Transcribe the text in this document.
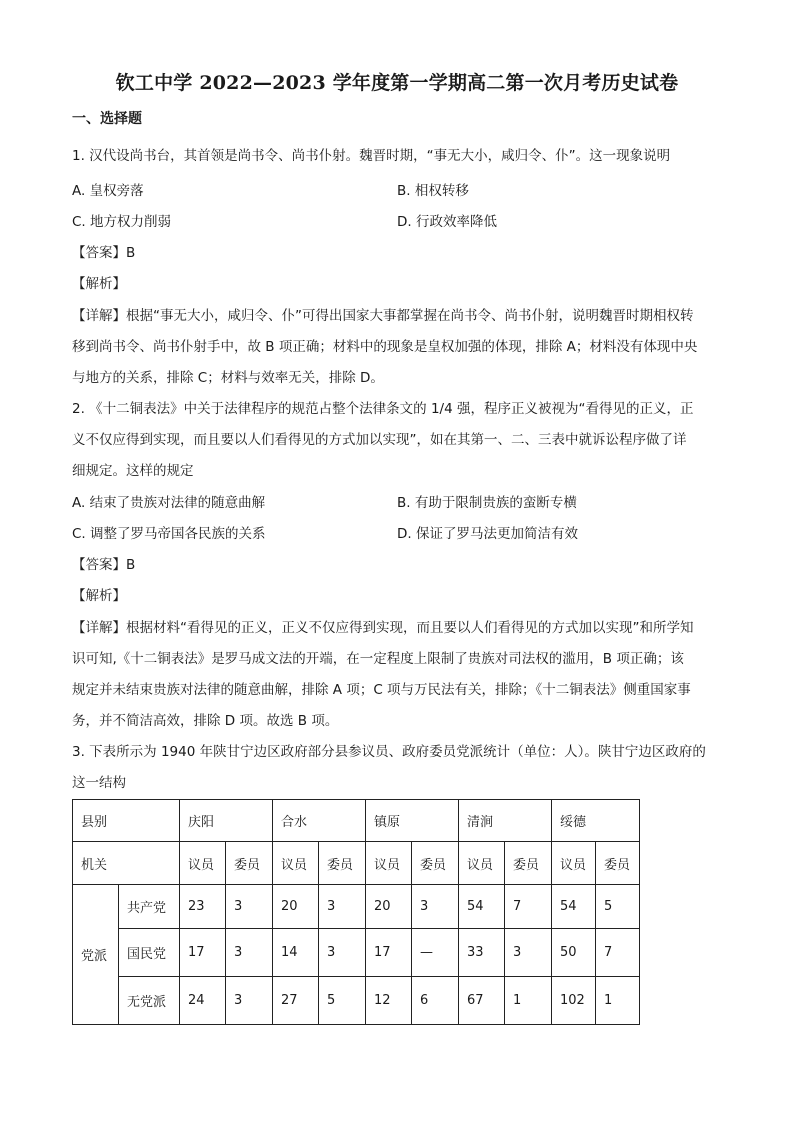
钦工中学 2022—2023 学年度第一学期高二第一次月考历史试卷
一、选择题
1. 汉代设尚书台，其首领是尚书令、尚书仆射。魏晋时期，“事无大小，咸归令、仆”。这一现象说明
A. 皇权旁落	B. 相权转移
C. 地方权力削弱	D. 行政效率降低
【答案】B
【解析】
【详解】根据“事无大小，咸归令、仆”可得出国家大事都掌握在尚书令、尚书仆射，说明魏晋时期相权转
移到尚书令、尚书仆射手中，故 B 项正确；材料中的现象是皇权加强的体现，排除 A；材料没有体现中央
与地方的关系，排除 C；材料与效率无关，排除 D。
2. 《十二铜表法》中关于法律程序的规范占整个法律条文的 1/4 强，程序正义被视为“看得见的正义，正
义不仅应得到实现，而且要以人们看得见的方式加以实现”，如在其第一、二、三表中就诉讼程序做了详
细规定。这样的规定
A. 结束了贵族对法律的随意曲解	B. 有助于限制贵族的蛮断专横
C. 调整了罗马帝国各民族的关系	D. 保证了罗马法更加简洁有效
【答案】B
【解析】
【详解】根据材料“看得见的正义，正义不仅应得到实现，而且要以人们看得见的方式加以实现”和所学知
识可知,《十二铜表法》是罗马成文法的开端，在一定程度上限制了贵族对司法权的滥用，B 项正确；该
规定并未结束贵族对法律的随意曲解，排除 A 项；C 项与万民法有关，排除；《十二铜表法》侧重国家事
务，并不简洁高效，排除 D 项。故选 B 项。
3. 下表所示为 1940 年陕甘宁边区政府部分县参议员、政府委员党派统计（单位：人）。陕甘宁边区政府的
这一结构
县别		庆阳		合水		镇原		清涧		绥德	
机关		议员	委员	议员	委员	议员	委员	议员	委员	议员	委员
党派	共产党	23	3	20	3	20	3	54	7	54	5
	国民党	17	3	14	3	17	—	33	3	50	7
	无党派	24	3	27	5	12	6	67	1	102	1
